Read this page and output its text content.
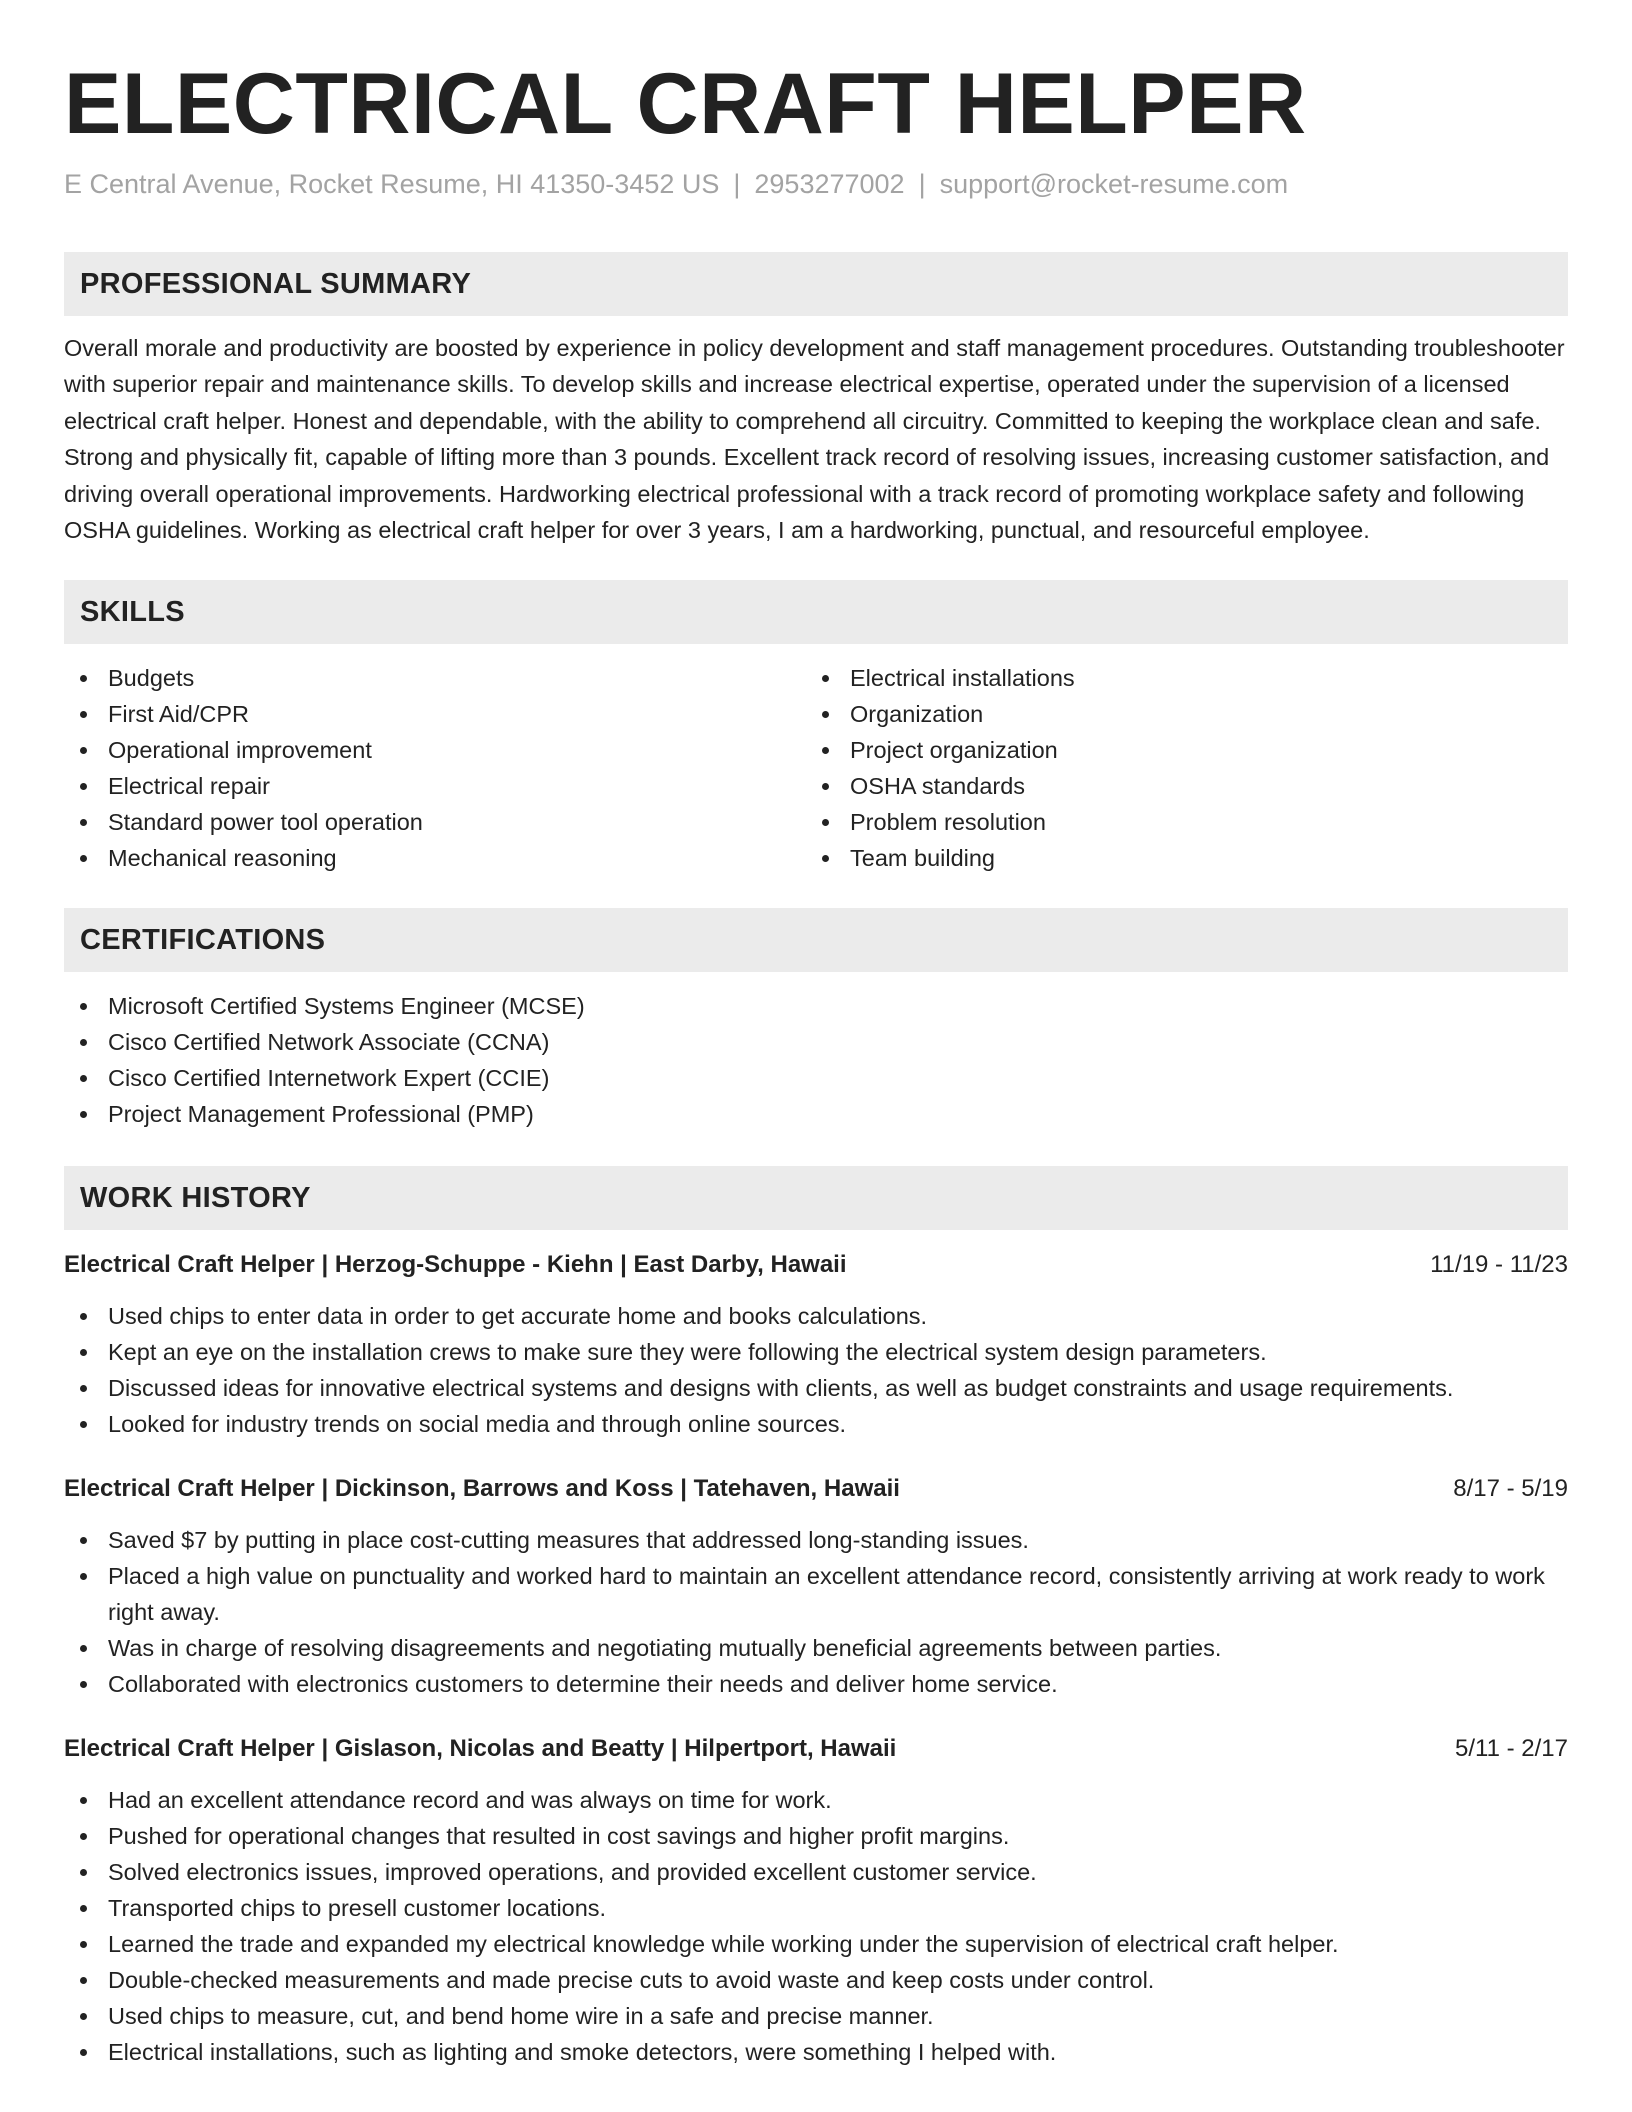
ELECTRICAL CRAFT HELPER
E Central Avenue, Rocket Resume, HI 41350-3452 US | 2953277002 | support@rocket-resume.com
PROFESSIONAL SUMMARY
Overall morale and productivity are boosted by experience in policy development and staff management procedures. Outstanding troubleshooter with superior repair and maintenance skills. To develop skills and increase electrical expertise, operated under the supervision of a licensed electrical craft helper. Honest and dependable, with the ability to comprehend all circuitry. Committed to keeping the workplace clean and safe. Strong and physically fit, capable of lifting more than 3 pounds. Excellent track record of resolving issues, increasing customer satisfaction, and driving overall operational improvements. Hardworking electrical professional with a track record of promoting workplace safety and following OSHA guidelines. Working as electrical craft helper for over 3 years, I am a hardworking, punctual, and resourceful employee.
SKILLS
Budgets
First Aid/CPR
Operational improvement
Electrical repair
Standard power tool operation
Mechanical reasoning
Electrical installations
Organization
Project organization
OSHA standards
Problem resolution
Team building
CERTIFICATIONS
Microsoft Certified Systems Engineer (MCSE)
Cisco Certified Network Associate (CCNA)
Cisco Certified Internetwork Expert (CCIE)
Project Management Professional (PMP)
WORK HISTORY
Electrical Craft Helper | Herzog-Schuppe - Kiehn | East Darby, Hawaii	11/19 - 11/23
Used chips to enter data in order to get accurate home and books calculations.
Kept an eye on the installation crews to make sure they were following the electrical system design parameters.
Discussed ideas for innovative electrical systems and designs with clients, as well as budget constraints and usage requirements.
Looked for industry trends on social media and through online sources.
Electrical Craft Helper | Dickinson, Barrows and Koss | Tatehaven, Hawaii	8/17 - 5/19
Saved $7 by putting in place cost-cutting measures that addressed long-standing issues.
Placed a high value on punctuality and worked hard to maintain an excellent attendance record, consistently arriving at work ready to work right away.
Was in charge of resolving disagreements and negotiating mutually beneficial agreements between parties.
Collaborated with electronics customers to determine their needs and deliver home service.
Electrical Craft Helper | Gislason, Nicolas and Beatty | Hilpertport, Hawaii	5/11 - 2/17
Had an excellent attendance record and was always on time for work.
Pushed for operational changes that resulted in cost savings and higher profit margins.
Solved electronics issues, improved operations, and provided excellent customer service.
Transported chips to presell customer locations.
Learned the trade and expanded my electrical knowledge while working under the supervision of electrical craft helper.
Double-checked measurements and made precise cuts to avoid waste and keep costs under control.
Used chips to measure, cut, and bend home wire in a safe and precise manner.
Electrical installations, such as lighting and smoke detectors, were something I helped with.
